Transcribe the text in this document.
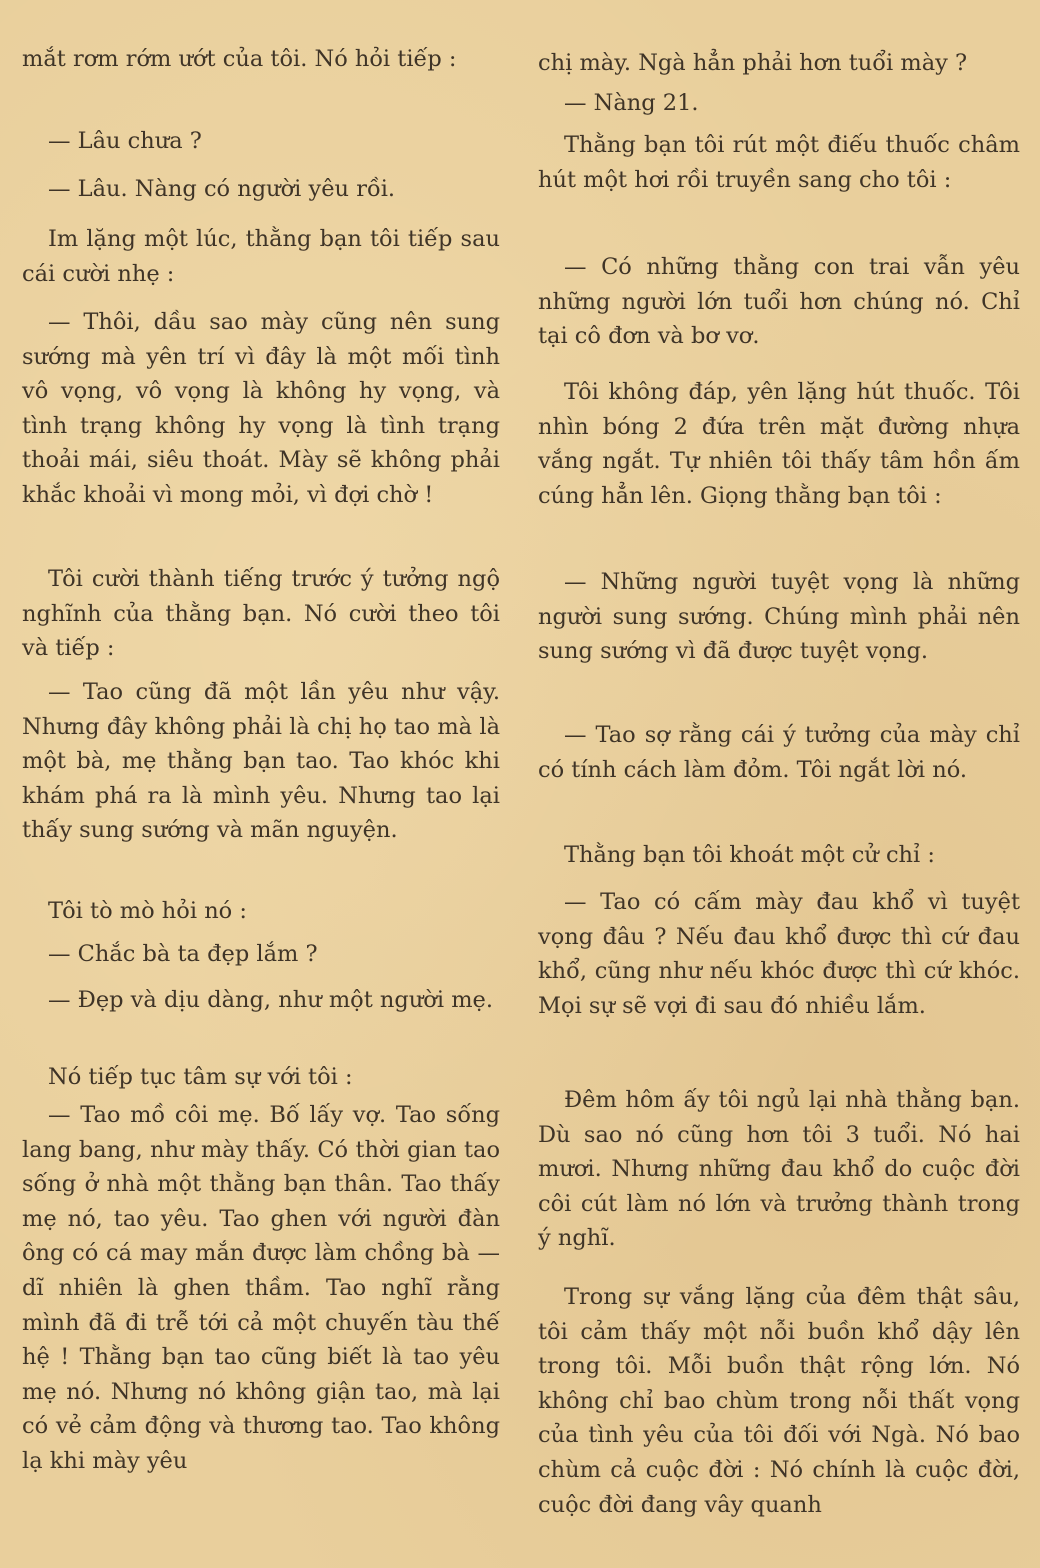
mắt rơm rớm ướt của tôi. Nó hỏi tiếp :

— Lâu chưa ?

— Lâu. Nàng có người yêu rồi.

Im lặng một lúc, thằng bạn tôi tiếp sau cái cười nhẹ :

— Thôi, dầu sao mày cũng nên sung sướng mà yên trí vì đây là một mối tình vô vọng, vô vọng là không hy vọng, và tình trạng không hy vọng là tình trạng thoải mái, siêu thoát. Mày sẽ không phải khắc khoải vì mong mỏi, vì đợi chờ !

Tôi cười thành tiếng trước ý tưởng ngộ nghĩnh của thằng bạn. Nó cười theo tôi và tiếp :

— Tao cũng đã một lần yêu như vậy. Nhưng đây không phải là chị họ tao mà là một bà, mẹ thằng bạn tao. Tao khóc khi khám phá ra là mình yêu. Nhưng tao lại thấy sung sướng và mãn nguyện.

Tôi tò mò hỏi nó :

— Chắc bà ta đẹp lắm ?

— Đẹp và dịu dàng, như một người mẹ.

Nó tiếp tục tâm sự với tôi :

— Tao mồ côi mẹ. Bố lấy vợ. Tao sống lang bang, như mày thấy. Có thời gian tao sống ở nhà một thằng bạn thân. Tao thấy mẹ nó, tao yêu. Tao ghen với người đàn ông có cá may mắn được làm chồng bà — dĩ nhiên là ghen thầm. Tao nghĩ rằng mình đã đi trễ tới cả một chuyến tàu thế hệ ! Thằng bạn tao cũng biết là tao yêu mẹ nó. Nhưng nó không giận tao, mà lại có vẻ cảm động và thương tao. Tao không lạ khi mày yêu

chị mày. Ngà hẳn phải hơn tuổi mày ?

— Nàng 21.

Thằng bạn tôi rút một điếu thuốc châm hút một hơi rồi truyền sang cho tôi :

— Có những thằng con trai vẫn yêu những người lớn tuổi hơn chúng nó. Chỉ tại cô đơn và bơ vơ.

Tôi không đáp, yên lặng hút thuốc. Tôi nhìn bóng 2 đứa trên mặt đường nhựa vắng ngắt. Tự nhiên tôi thấy tâm hồn ấm cúng hẳn lên. Giọng thằng bạn tôi :

— Những người tuyệt vọng là những người sung sướng. Chúng mình phải nên sung sướng vì đã được tuyệt vọng.

— Tao sợ rằng cái ý tưởng của mày chỉ có tính cách làm đỏm. Tôi ngắt lời nó.

Thằng bạn tôi khoát một cử chỉ :

— Tao có cấm mày đau khổ vì tuyệt vọng đâu ? Nếu đau khổ được thì cứ đau khổ, cũng như nếu khóc được thì cứ khóc. Mọi sự sẽ vợi đi sau đó nhiều lắm.

Đêm hôm ấy tôi ngủ lại nhà thằng bạn. Dù sao nó cũng hơn tôi 3 tuổi. Nó hai mươi. Nhưng những đau khổ do cuộc đời côi cút làm nó lớn và trưởng thành trong ý nghĩ.

Trong sự vắng lặng của đêm thật sâu, tôi cảm thấy một nỗi buồn khổ dậy lên trong tôi. Mỗi buồn thật rộng lớn. Nó không chỉ bao chùm trong nỗi thất vọng của tình yêu của tôi đối với Ngà. Nó bao chùm cả cuộc đời : Nó chính là cuộc đời, cuộc đời đang vây quanh
